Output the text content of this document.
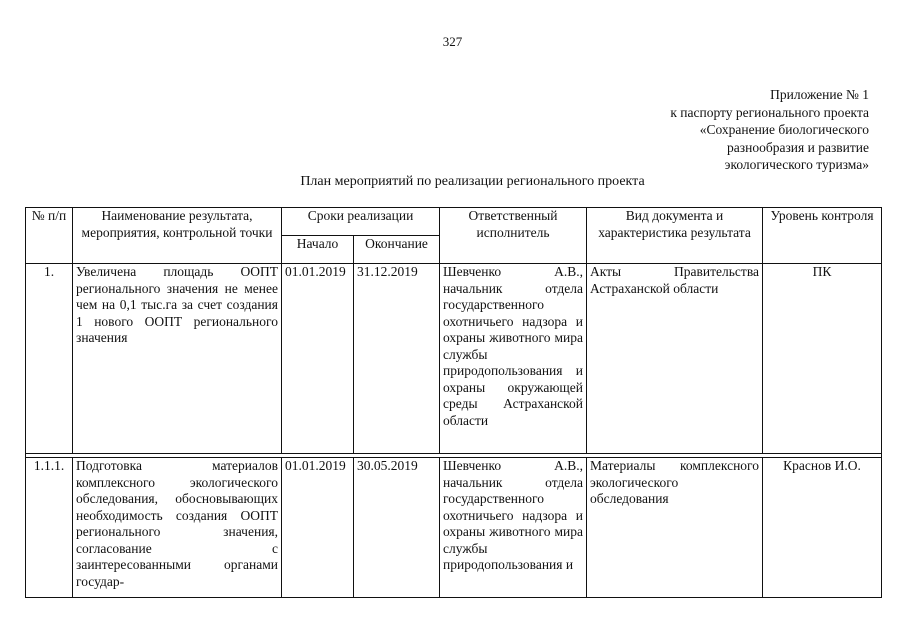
327
Приложение № 1
к паспорту регионального проекта
«Сохранение биологического
разнообразия и развитие
экологического туризма»
План мероприятий по реализации регионального проекта
№ п/п	Наименование результата, мероприятия, контрольной точки	Сроки реализации		Ответственный исполнитель	Вид документа и характеристика результата	Уровень контроля
		Начало	Окончание			
1.	Увеличена площадь ООПТ регионального значения не менее чем на 0,1 тыс.га за счет создания 1 нового ООПТ регионального значения	01.01.2019	31.12.2019	Шевченко А.В., начальник отдела государственного охотничьего надзора и охраны животного мира службы природопользования и охраны окружающей среды Астраханской области	Акты Правительства Астраханской области	ПК

1.1.1.	Подготовка материалов комплексного экологического обследования, обосновывающих необходимость создания ООПТ регионального значения, согласование с заинтересованными органами государ-	01.01.2019	30.05.2019	Шевченко А.В., начальник отдела государственного охотничьего надзора и охраны животного мира службы природопользования и	Материалы комплексного экологического обследования	Краснов И.О.
